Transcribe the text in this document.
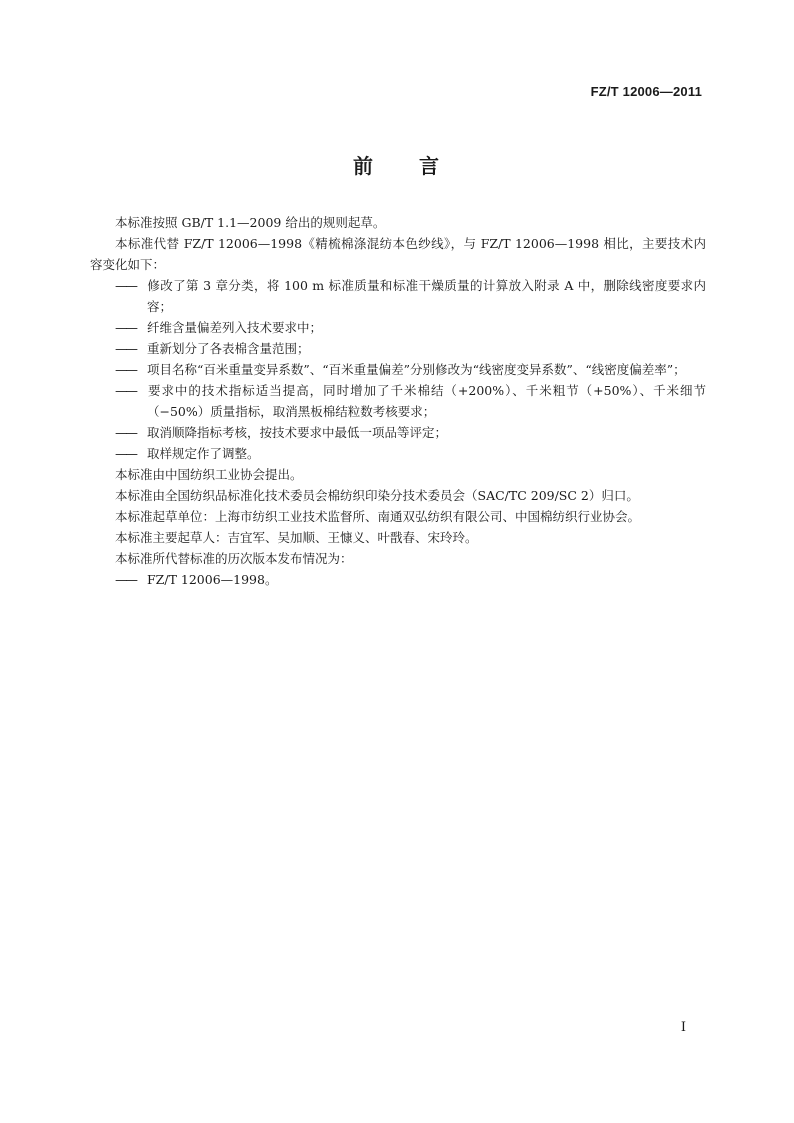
FZ/T 12006—2011
前 言

本标准按照 GB/T 1.1—2009 给出的规则起草。

本标准代替 FZ/T 12006—1998《精梳棉涤混纺本色纱线》，与 FZ/T 12006—1998 相比，主要技术内容变化如下：

—— 修改了第 3 章分类，将 100 m 标准质量和标准干燥质量的计算放入附录 A 中，删除线密度要求内容；

—— 纤维含量偏差列入技术要求中；

—— 重新划分了各表棉含量范围；

—— 项目名称“百米重量变异系数”、“百米重量偏差”分别修改为“线密度变异系数”、“线密度偏差率”；

—— 要求中的技术指标适当提高，同时增加了千米棉结（+200%）、千米粗节（+50%）、千米细节（−50%）质量指标，取消黑板棉结粒数考核要求；

—— 取消顺降指标考核，按技术要求中最低一项品等评定；

—— 取样规定作了调整。

本标准由中国纺织工业协会提出。

本标准由全国纺织品标准化技术委员会棉纺织印染分技术委员会（SAC/TC 209/SC 2）归口。

本标准起草单位：上海市纺织工业技术监督所、南通双弘纺织有限公司、中国棉纺织行业协会。

本标准主要起草人：吉宜军、吴加顺、王慷义、叶戬春、宋玲玲。

本标准所代替标准的历次版本发布情况为：

—— FZ/T 12006—1998。

I
